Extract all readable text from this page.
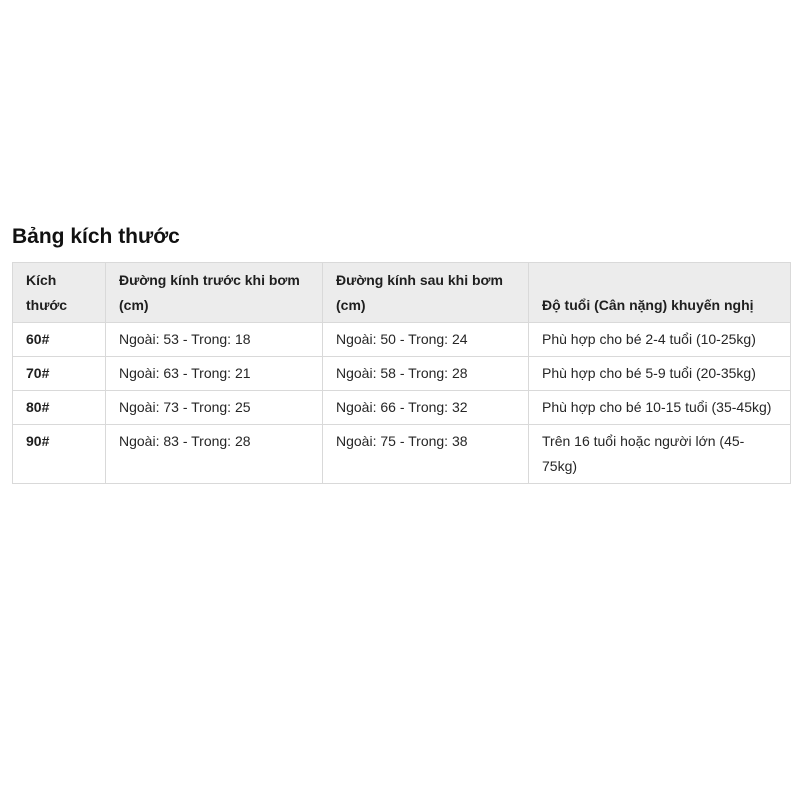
Bảng kích thước
Kích thước	Đường kính trước khi bơm (cm)	Đường kính sau khi bơm (cm)	Độ tuổi (Cân nặng) khuyến nghị
60#	Ngoài: 53 - Trong: 18	Ngoài: 50 - Trong: 24	Phù hợp cho bé 2-4 tuổi (10-25kg)
70#	Ngoài: 63 - Trong: 21	Ngoài: 58 - Trong: 28	Phù hợp cho bé 5-9 tuổi (20-35kg)
80#	Ngoài: 73 - Trong: 25	Ngoài: 66 - Trong: 32	Phù hợp cho bé 10-15 tuổi (35-45kg)
90#	Ngoài: 83 - Trong: 28	Ngoài: 75 - Trong: 38	Trên 16 tuổi hoặc người lớn (45-75kg)
